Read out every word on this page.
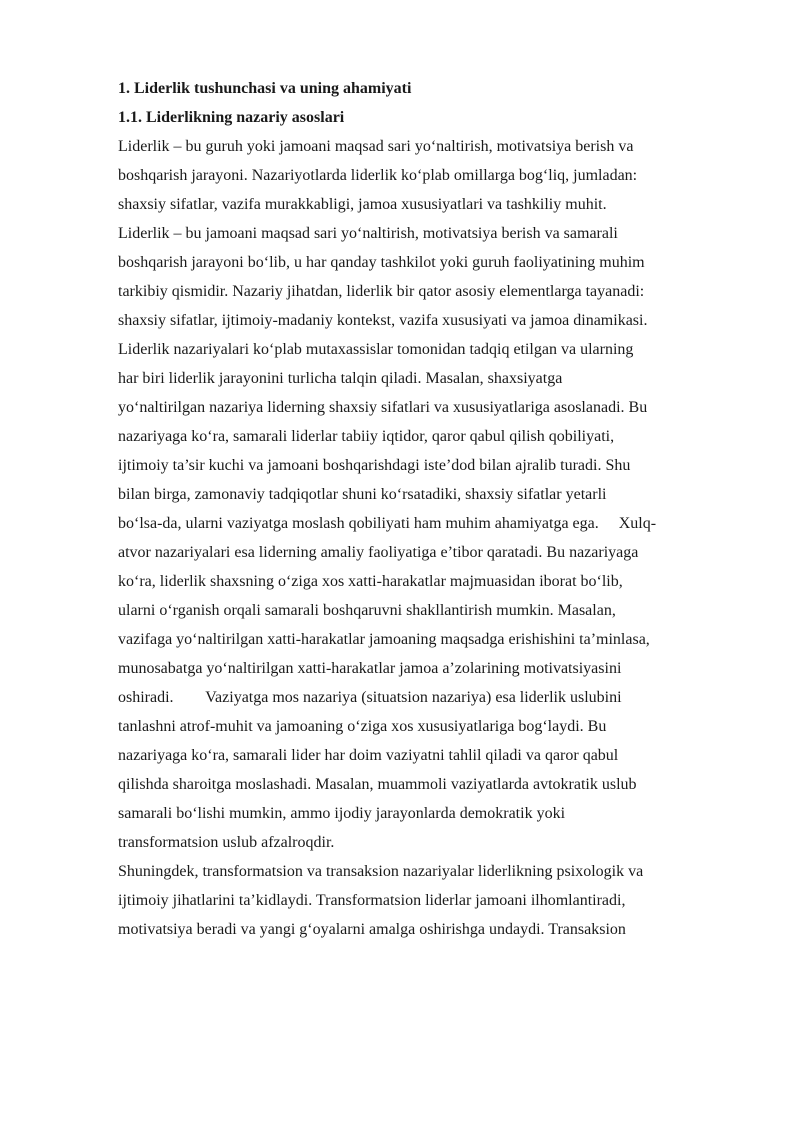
1. Liderlik tushunchasi va uning ahamiyati

1.1. Liderlikning nazariy asoslari

Liderlik – bu guruh yoki jamoani maqsad sari yoʻnaltirish, motivatsiya berish va
boshqarish jarayoni. Nazariyotlarda liderlik koʻplab omillarga bogʻliq, jumladan:
shaxsiy sifatlar, vazifa murakkabligi, jamoa xususiyatlari va tashkiliy muhit.
Liderlik – bu jamoani maqsad sari yoʻnaltirish, motivatsiya berish va samarali
boshqarish jarayoni boʻlib, u har qanday tashkilot yoki guruh faoliyatining muhim
tarkibiy qismidir. Nazariy jihatdan, liderlik bir qator asosiy elementlarga tayanadi:
shaxsiy sifatlar, ijtimoiy-madaniy kontekst, vazifa xususiyati va jamoa dinamikasi.
Liderlik nazariyalari koʻplab mutaxassislar tomonidan tadqiq etilgan va ularning
har biri liderlik jarayonini turlicha talqin qiladi. Masalan, shaxsiyatga
yoʻnaltirilgan nazariya liderning shaxsiy sifatlari va xususiyatlariga asoslanadi. Bu
nazariyaga koʻra, samarali liderlar tabiiy iqtidor, qaror qabul qilish qobiliyati,
ijtimoiy ta’sir kuchi va jamoani boshqarishdagi iste’dod bilan ajralib turadi. Shu
bilan birga, zamonaviy tadqiqotlar shuni koʻrsatadiki, shaxsiy sifatlar yetarli
boʻlsa-da, ularni vaziyatga moslash qobiliyati ham muhim ahamiyatga ega.     Xulq-
atvor nazariyalari esa liderning amaliy faoliyatiga e’tibor qaratadi. Bu nazariyaga
koʻra, liderlik shaxsning oʻziga xos xatti-harakatlar majmuasidan iborat boʻlib,
ularni oʻrganish orqali samarali boshqaruvni shakllantirish mumkin. Masalan,
vazifaga yoʻnaltirilgan xatti-harakatlar jamoaning maqsadga erishishini ta’minlasa,
munosabatga yoʻnaltirilgan xatti-harakatlar jamoa a’zolarining motivatsiyasini
oshiradi.        Vaziyatga mos nazariya (situatsion nazariya) esa liderlik uslubini
tanlashni atrof-muhit va jamoaning oʻziga xos xususiyatlariga bogʻlaydi. Bu
nazariyaga koʻra, samarali lider har doim vaziyatni tahlil qiladi va qaror qabul
qilishda sharoitga moslashadi. Masalan, muammoli vaziyatlarda avtokratik uslub
samarali boʻlishi mumkin, ammo ijodiy jarayonlarda demokratik yoki
transformatsion uslub afzalroqdir.
Shuningdek, transformatsion va transaksion nazariyalar liderlikning psixologik va
ijtimoiy jihatlarini ta’kidlaydi. Transformatsion liderlar jamoani ilhomlantiradi,
motivatsiya beradi va yangi gʻoyalarni amalga oshirishga undaydi. Transaksion
